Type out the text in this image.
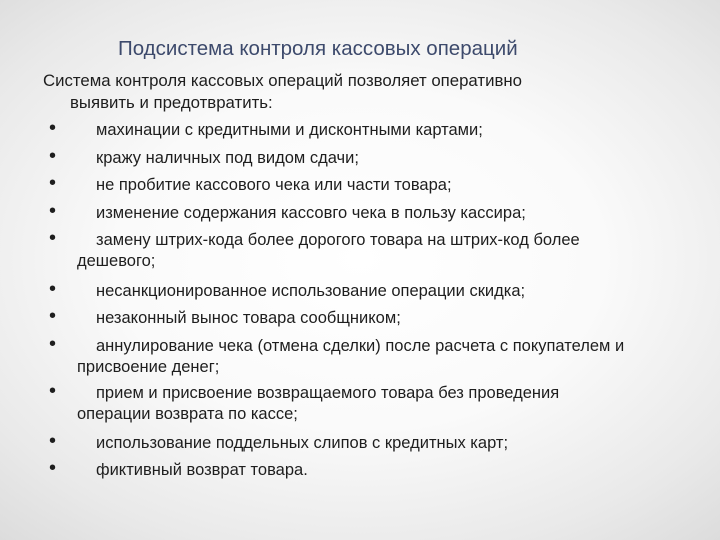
Подсистема контроля кассовых операций
Система контроля кассовых операций позволяет оперативно
выявить и предотвратить:
• махинации с кредитными и дисконтными картами;
• кражу наличных под видом сдачи;
• не пробитие кассового чека или части товара;
• изменение содержания кассовго чека в пользу кассира;
• замену штрих-кода более дорогого товара на штрих-код более
дешевого;
• несанкционированное использование операции скидка;
• незаконный вынос товара сообщником;
• аннулирование чека (отмена сделки) после расчета с покупателем и
присвоение денег;
• прием и присвоение возвращаемого товара без проведения
операции возврата по кассе;
• использование поддельных слипов с кредитных карт;
• фиктивный возврат товара.
